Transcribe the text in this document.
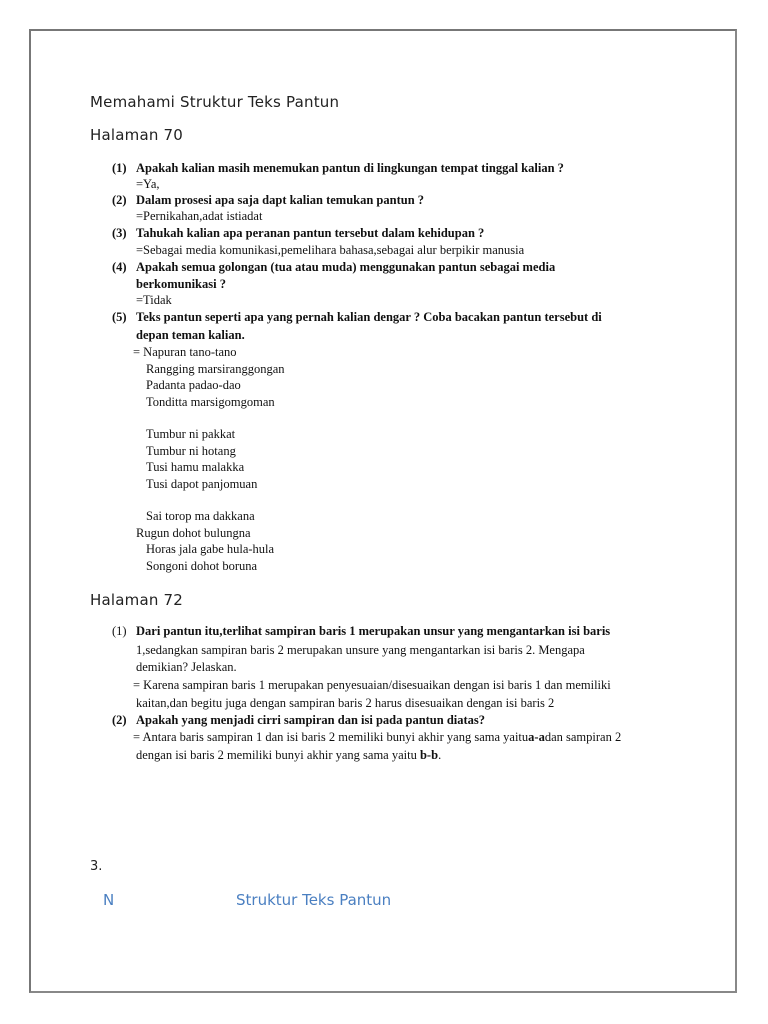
Memahami Struktur Teks Pantun
Halaman 70
(1) Apakah kalian masih menemukan pantun di lingkungan tempat tinggal kalian ?
=Ya,
(2) Dalam prosesi apa saja dapt kalian temukan pantun ?
=Pernikahan,adat istiadat
(3) Tahukah kalian apa peranan pantun tersebut dalam kehidupan ?
=Sebagai media komunikasi,pemelihara bahasa,sebagai alur berpikir manusia
(4) Apakah semua golongan (tua atau muda) menggunakan pantun sebagai media
berkomunikasi ?
=Tidak
(5) Teks pantun seperti apa yang pernah kalian dengar ? Coba bacakan pantun tersebut di
depan teman kalian.
= Napuran tano-tano
Rangging marsiranggongan
Padanta padao-dao
Tonditta marsigomgoman
Tumbur ni pakkat
Tumbur ni hotang
Tusi hamu malakka
Tusi dapot panjomuan
Sai torop ma dakkana
Rugun dohot bulungna
Horas jala gabe hula-hula
Songoni dohot boruna
Halaman 72
(1) Dari pantun itu,terlihat sampiran baris 1 merupakan unsur yang mengantarkan isi baris
1,sedangkan sampiran baris 2 merupakan unsure yang mengantarkan isi baris 2. Mengapa
demikian? Jelaskan.
= Karena sampiran baris 1 merupakan penyesuaian/disesuaikan dengan isi baris 1 dan memiliki
kaitan,dan begitu juga dengan sampiran baris 2 harus disesuaikan dengan isi baris 2
(2) Apakah yang menjadi cirri sampiran dan isi pada pantun diatas?
= Antara baris sampiran 1 dan isi baris 2 memiliki bunyi akhir yang sama yaitua-adan sampiran 2
dengan isi baris 2 memiliki bunyi akhir yang sama yaitu b-b.
3.
N	Struktur Teks Pantun
